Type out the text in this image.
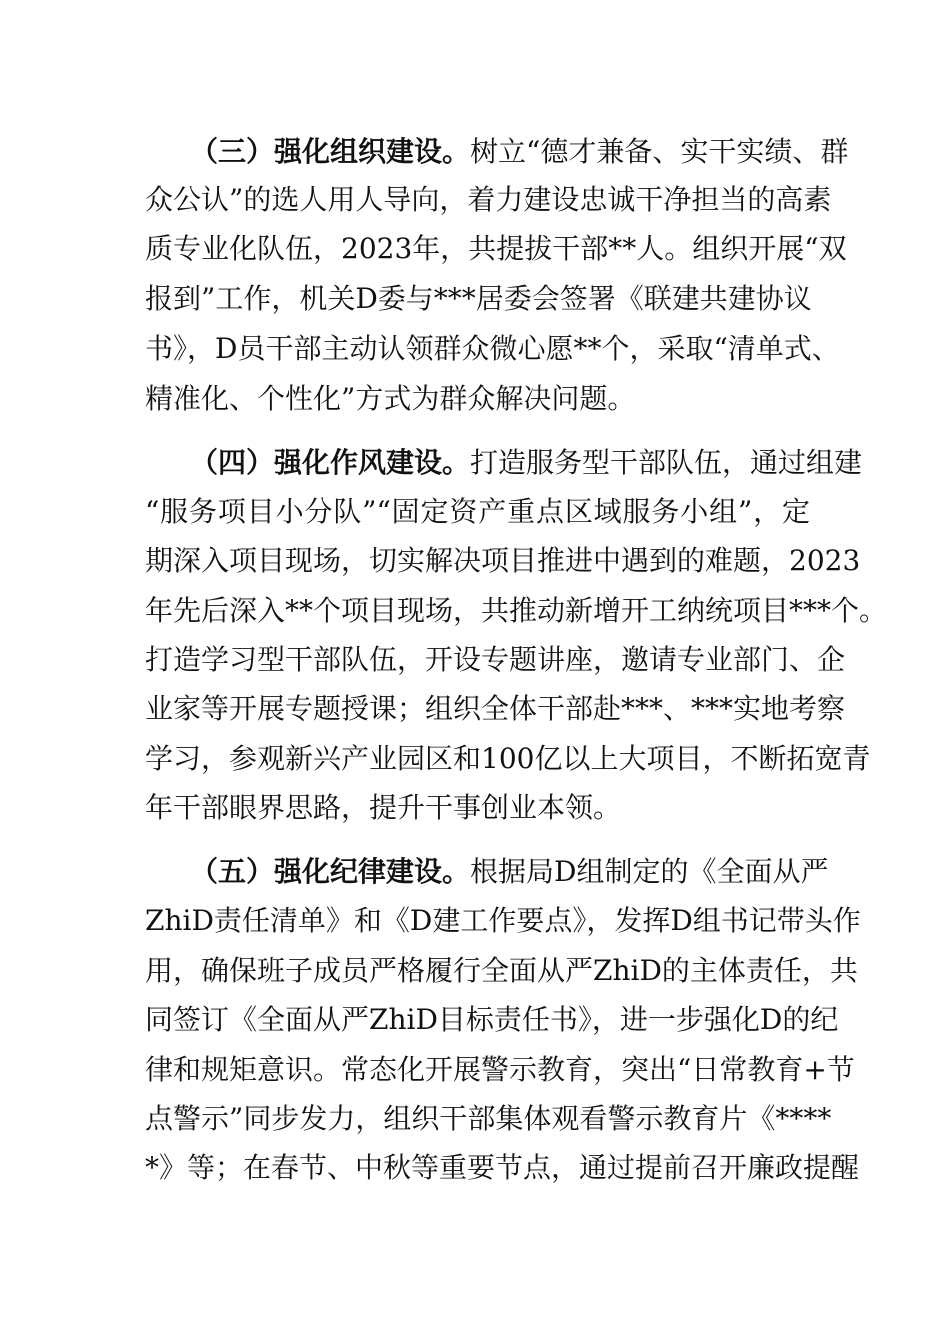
（三）强化组织建设。树立“德才兼备、实干实绩、群
众公认”的选人用人导向，着力建设忠诚干净担当的高素
质专业化队伍，2023年，共提拔干部**人。组织开展“双
报到”工作，机关D委与***居委会签署《联建共建协议
书》，D员干部主动认领群众微心愿**个，采取“清单式、
精准化、个性化”方式为群众解决问题。
（四）强化作风建设。打造服务型干部队伍，通过组建
“服务项目小分队”“固定资产重点区域服务小组”，定
期深入项目现场，切实解决项目推进中遇到的难题，2023
年先后深入**个项目现场，共推动新增开工纳统项目***个。
打造学习型干部队伍，开设专题讲座，邀请专业部门、企
业家等开展专题授课；组织全体干部赴***、***实地考察
学习，参观新兴产业园区和100亿以上大项目，不断拓宽青
年干部眼界思路，提升干事创业本领。
（五）强化纪律建设。根据局D组制定的《全面从严
ZhiD责任清单》和《D建工作要点》，发挥D组书记带头作
用，确保班子成员严格履行全面从严ZhiD的主体责任，共
同签订《全面从严ZhiD目标责任书》，进一步强化D的纪
律和规矩意识。常态化开展警示教育，突出“日常教育+节
点警示”同步发力，组织干部集体观看警示教育片《****
*》等；在春节、中秋等重要节点，通过提前召开廉政提醒
